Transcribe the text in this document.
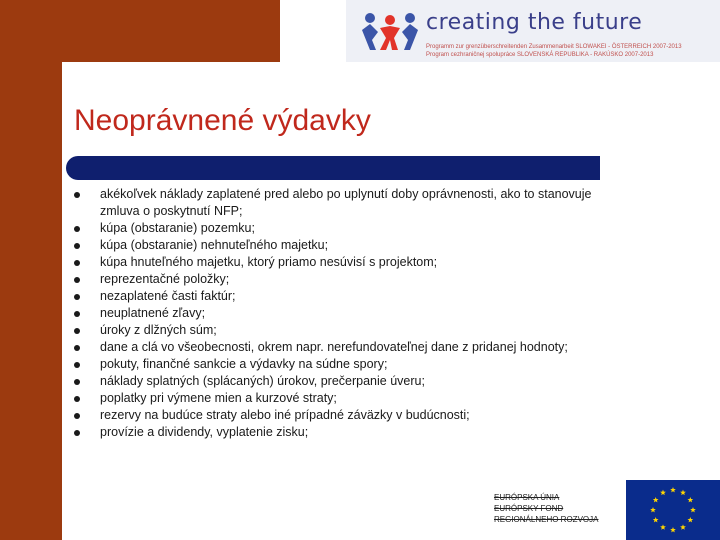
creating the future
Programm zur grenzüberschreitenden Zusammenarbeit SLOWAKEI - ÖSTERREICH 2007-2013
Program cezhraničnej spolupráce SLOVENSKÁ REPUBLIKA - RAKÚSKO 2007-2013
Neoprávnené výdavky
akékoľvek náklady zaplatené pred alebo po uplynutí doby oprávnenosti, ako to stanovuje zmluva o poskytnutí NFP;
kúpa (obstaranie) pozemku;
kúpa (obstaranie) nehnuteľného majetku;
kúpa hnuteľného majetku, ktorý priamo nesúvisí s projektom;
reprezentačné položky;
nezaplatené časti faktúr;
neuplatnené zľavy;
úroky z dlžných súm;
dane a clá vo všeobecnosti, okrem napr. nerefundovateľnej dane z pridanej hodnoty;
pokuty, finančné sankcie a výdavky na súdne spory;
náklady splatných (splácaných) úrokov, prečerpanie úveru;
poplatky pri výmene mien a kurzové straty;
rezervy na budúce straty alebo iné prípadné záväzky v budúcnosti;
provízie a dividendy, vyplatenie zisku;
EURÓPSKA ÚNIA
EURÓPSKY FOND
REGIONÁLNEHO ROZVOJA
